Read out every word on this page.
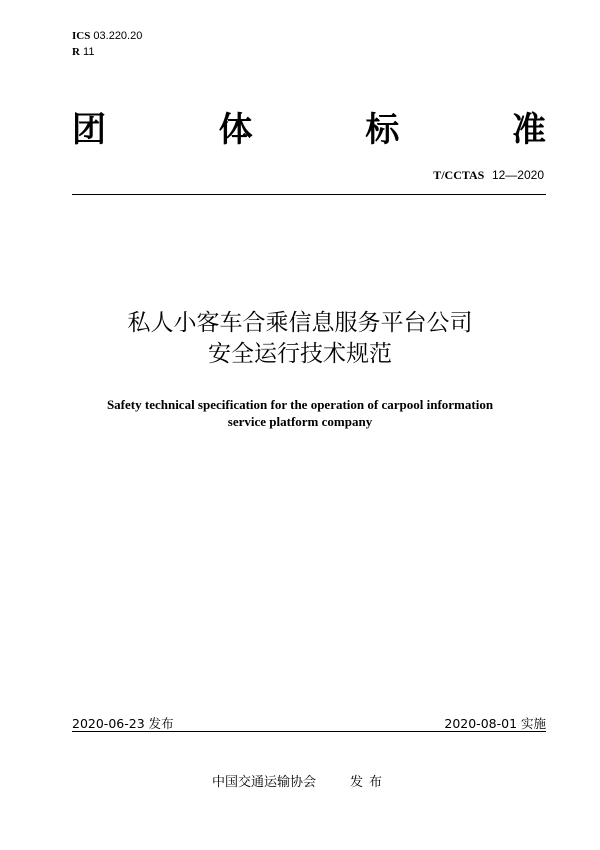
ICS 03.220.20
R 11
团	体	标	准
T/CCTAS 12—2020
私人小客车合乘信息服务平台公司
安全运行技术规范
Safety technical specification for the operation of carpool information
service platform company
2020-06-23 发布	2020-08-01 实施
中国交通运输协会	发布
